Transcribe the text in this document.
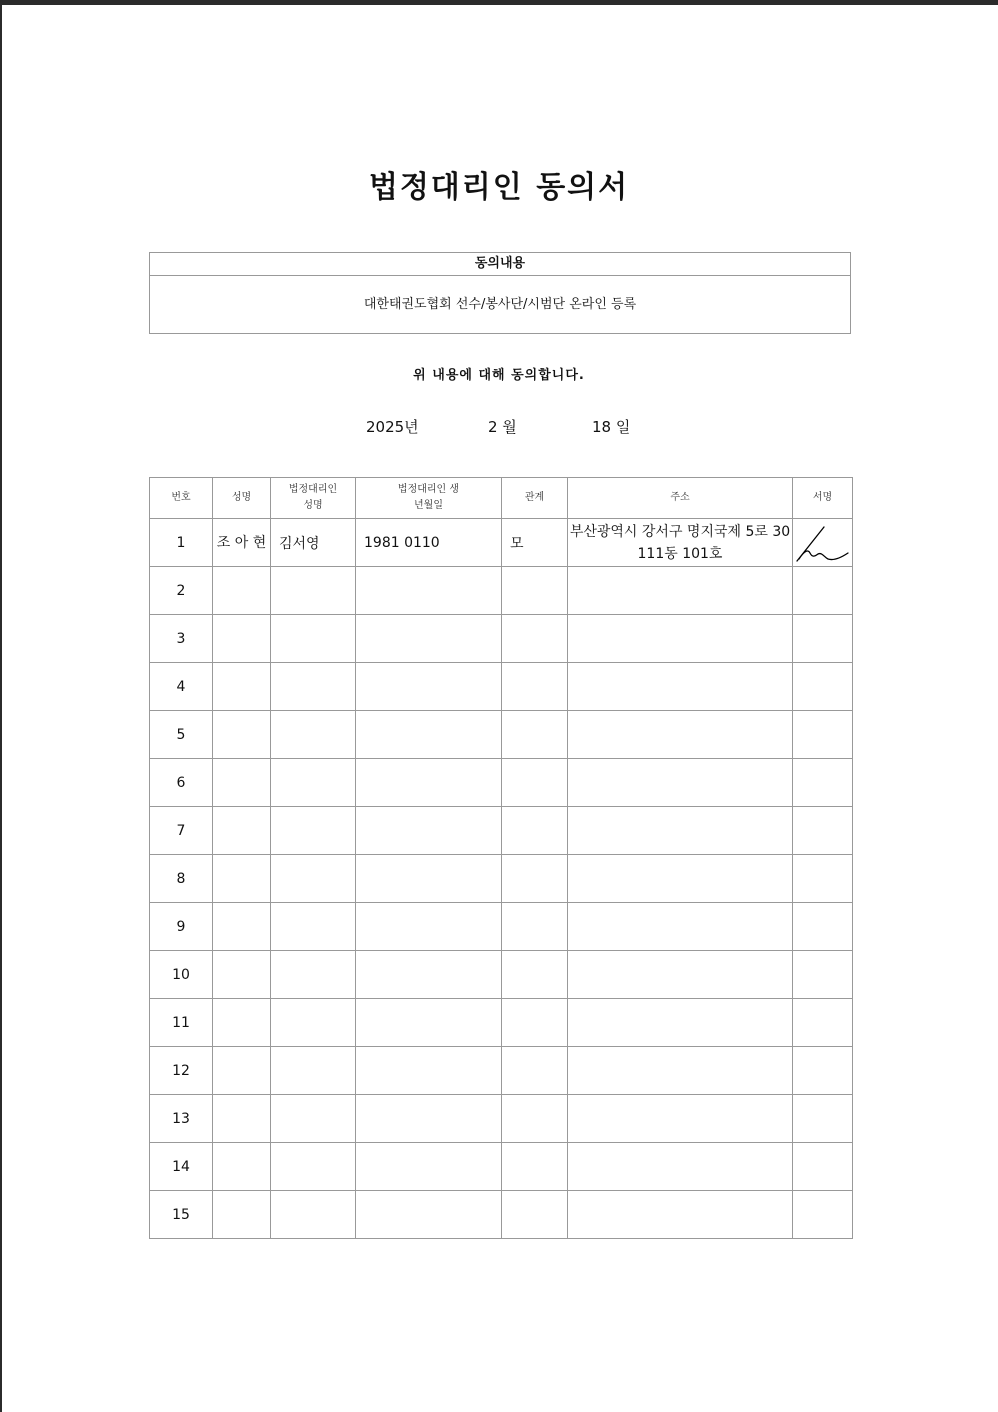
법정대리인 동의서
동의내용
대한태권도협회 선수/봉사단/시범단 온라인 등록
위 내용에 대해 동의합니다.
2025년	2 월	18 일
번호	성명	법정대리인 성명	법정대리인 생년월일	관계	주소	서명
1	조 아 현	김서영	1981 0110	모	부산광역시 강서구 명지국제 5로 30 111동 101호	

2						
3						
4						
5						
6						
7						
8						
9						
10						
11						
12						
13						
14						
15						
